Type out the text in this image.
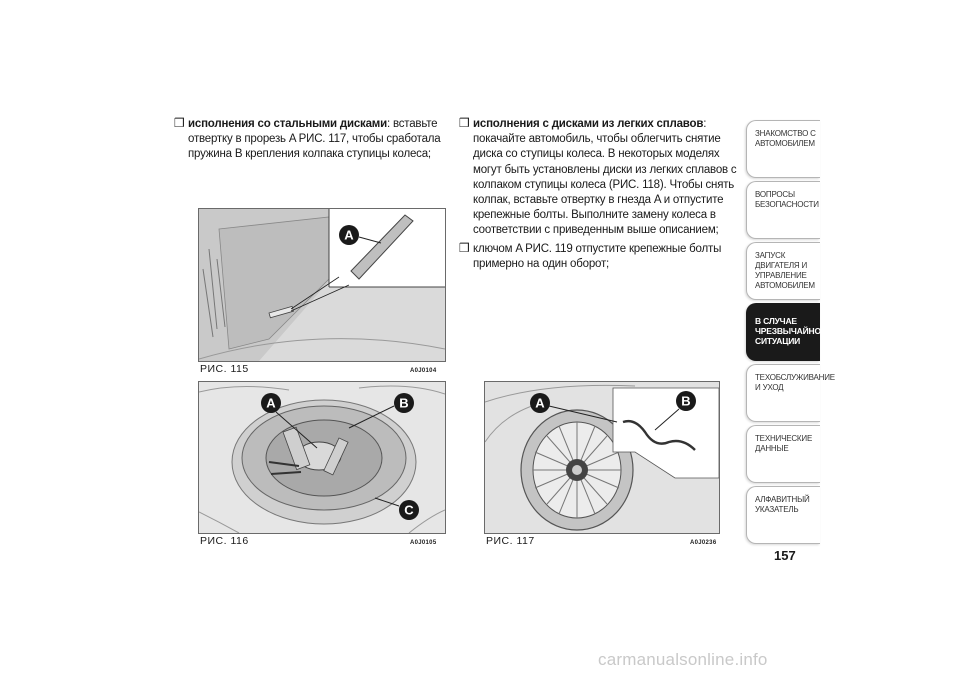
❒ исполнения со стальными дисками: вставьте отвертку в прорезь A РИС. 117, чтобы сработала пружина B крепления колпака ступицы колеса;

❒ исполнения с дисками из легких сплавов: покачайте автомобиль, чтобы облегчить снятие диска со ступицы колеса. В некоторых моделях могут быть установлены диски из легких сплавов с колпаком ступицы колеса (РИС. 118). Чтобы снять колпак, вставьте отвертку в гнезда A и отпустите крепежные болты. Выполните замену колеса в соответствии с приведенным выше описанием;

❒ ключом A РИС. 119 отпустите крепежные болты примерно на один оборот;

A
РИС. 115	A0J0104
A	B
C
РИС. 116	A0J0105
A	B
РИС. 117	A0J0236
ЗНАКОМСТВО С
АВТОМОБИЛЕМ
ВОПРОСЫ
БЕЗОПАСНОСТИ
ЗАПУСК ДВИГАТЕЛЯ И
УПРАВЛЕНИЕ
АВТОМОБИЛЕМ
В СЛУЧАЕ
ЧРЕЗВЫЧАЙНОЙ
СИТУАЦИИ
ТЕХОБСЛУЖИВАНИЕ
И УХОД
ТЕХНИЧЕСКИЕ
ДАННЫЕ
АЛФАВИТНЫЙ
УКАЗАТЕЛЬ
157
carmanualsonline.info
